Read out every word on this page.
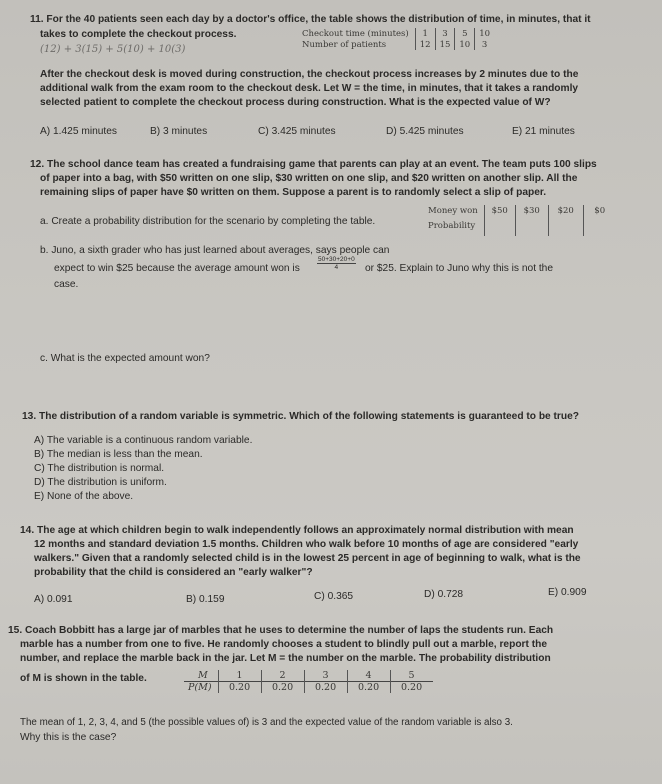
11. For the 40 patients seen each day by a doctor's office, the table shows the distribution of time, in minutes, that it
takes to complete the checkout process.	Checkout time (minutes)	1	3	5	10
Number of patients	12	15	10	3
(12) + 3(15) + 5(10) + 10(3)
After the checkout desk is moved during construction, the checkout process increases by 2 minutes due to the
additional walk from the exam room to the checkout desk. Let W = the time, in minutes, that it takes a randomly
selected patient to complete the checkout process during construction. What is the expected value of W?
A) 1.425 minutes	B) 3 minutes	C) 3.425 minutes	D) 5.425 minutes	E) 21 minutes
12. The school dance team has created a fundraising game that parents can play at an event. The team puts 100 slips
of paper into a bag, with $50 written on one slip, $30 written on one slip, and $20 written on another slip. All the
remaining slips of paper have $0 written on them. Suppose a parent is to randomly select a slip of paper.
a. Create a probability distribution for the scenario by completing the table.
Money won	$50	$30	$20	$0
Probability				
b. Juno, a sixth grader who has just learned about averages, says people can
expect to win $25 because the average amount won is	$\frac{50+30+20+0}{4}$ or $25. Explain to Juno why this is not the
case.
c. What is the expected amount won?
13. The distribution of a random variable is symmetric. Which of the following statements is guaranteed to be true?
A) The variable is a continuous random variable.
B) The median is less than the mean.
C) The distribution is normal.
D) The distribution is uniform.
E) None of the above.
14. The age at which children begin to walk independently follows an approximately normal distribution with mean
12 months and standard deviation 1.5 months. Children who walk before 10 months of age are considered "early
walkers." Given that a randomly selected child is in the lowest 25 percent in age of beginning to walk, what is the
probability that the child is considered an "early walker"?
A) 0.091	B) 0.159	C) 0.365	D) 0.728	E) 0.909
15. Coach Bobbitt has a large jar of marbles that he uses to determine the number of laps the students run. Each
marble has a number from one to five. He randomly chooses a student to blindly pull out a marble, report the
number, and replace the marble back in the jar. Let M = the number on the marble. The probability distribution
of M is shown in the table.	M	1	2	3	4	5
P(M)	0.20	0.20	0.20	0.20	0.20
The mean of 1, 2, 3, 4, and 5 (the possible values of) is 3 and the expected value of the random variable is also 3.
Why this is the case?
